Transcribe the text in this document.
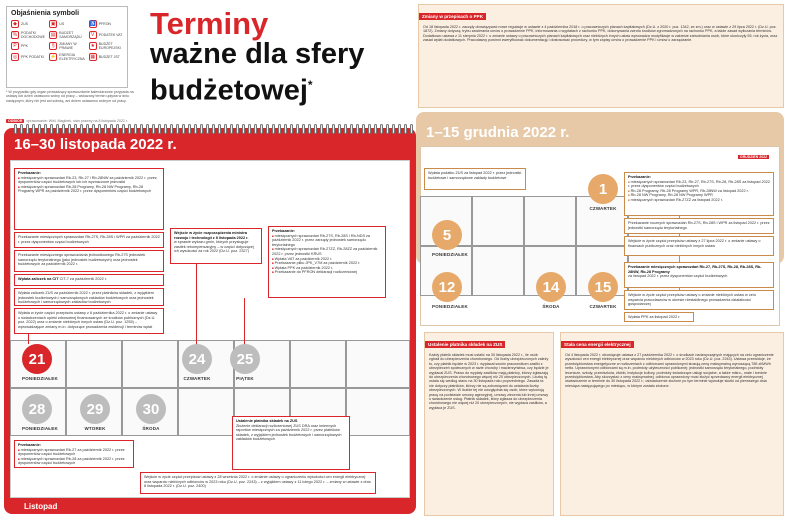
Objaśnienia symboli
◆	ZUS	▣	US	♿ PFRON
%	PODATKI DOCHODOWE	▤	BUDŻET SAMORZĄDU	V	PODATEK VAT
P	PPK	§	ZMIANY W PRAWIE	★	BUDŻET EUROPEJSKI
◎	PPK PODATKI ⚡ ENERGIA ELEKTRYCZNA	▦	BUDŻET JST
* W przypadku gdy organ prowadzący sprawozdanie kalendarzowe przypada na ustawę lub dzień ustawowo wolny od pracy – wskazany termin upływa w dniu następnym, który nie jest ani sobotą, ani dniem ustawowo wolnym od pracy.
ODBIÓR opracowanie: Wiśl. Magibek, stan prawny na 8 listopada 2022 r.
Terminy
ważne dla sfery
budżetowej*
16–30 listopada 2022 r.
21
PONIEDZIAŁEK
24
CZWARTEK
25
PIĄTEK
28
PONIEDZIAŁEK
29
WTOREK
30
ŚRODA
Przekazanie:
■ miesięcznych sprawozdań Rb-23, Rb-27 i Rb-28NW za październik 2022 r. przez dysponentów części budżetowych lub ich wyznaczone jednostki
■ miesięcznych sprawozdań Rb-28 Programy, Rb-28 NW Programy, Rb-28 Programy WPR za październik 2022 r. przez dysponentów części budżetowych
Przekazanie miesięcznych sprawozdań Rb-27S, Rb-28S i WPR za październik 2022 r. przez dysponentów części budżetowych
Przekazanie miesięcznego sprawozdania jednostkowego Rb-27S jednostek samorządu terytorialnego (jako jednostek budżetowych) oraz jednostek budżetowych za październik 2022 r.
Wpłata zaliczek na CIT CIT-7 za październik 2022 r.
Wpłata zaliczek ZUS za październik 2022 r. przez płatników składek, z wyjątkiem jednostek budżetowych i samorządowych zakładów budżetowych oraz jednostek budżetowych i samorządowych zakładów budżetowych
Wpłata w życie części przepisów ustawy z 6 października 2022 r. o zmianie ustawy o świadczeniach opieki zdrowotnej finansowanych ze środków publicznych (Dz.U. poz. 2022) oraz o zmianie niektórych innych ustaw (Dz.U. poz. 1255) – wprowadzające zmiany m.in. dotyczące prowadzenia ewidencji i terminów wpłat
Wejście w życie rozporządzenia ministra rozwoju i technologii z 8 listopada 2022 r.
w sprawie wykazu gmin, których przysługuje zasiłek rekompensacyjny – w części dotyczącej ich wysokości za rok 2022 (Dz.U. poz. 2327)
Przekazanie:
■ miesięcznych sprawozdań Rb-27S, Rb-28S i Rb-NDS za październik 2022 r. przez zarządy jednostek samorządu terytorialnego
■ miesięcznych sprawozdań Rb-27ZZ, Rb-28ZZ za październik 2022 r. przez jednostki KRUS
■ Wpłata VAT za październik 2022 r.
■ Przekazanie pliku JPK_V7M za październik 2022 r.
■ Wpłata PPK za październik 2022 r.
■ Przekazanie do PFRON deklaracji rozliczeniowej
Ustalenie płatnika składek na ZUS
Złożenie deklaracji rozliczeniowej ZUS DRA oraz imiennych raportów miesięcznych za październik 2022 r. przez płatników składek, z wyjątkiem jednostek budżetowych i samorządowych zakładów budżetowych
Przekazanie:
■ miesięcznych sprawozdań Rb-27 za październik 2022 r. przez dysponentów części budżetowych
■ miesięcznych sprawozdań Rb-28 za październik 2022 r. przez dysponentów części budżetowych
Wejście w życie części przepisów ustawy z 28 września 2022 r. o zmianie ustawy o ograniczeniu wysokości cen energii elektrycznej oraz wsparciu niektórych odbiorców w 2023 roku (Dz.U. poz. 2243) – z wyjątkiem ustawy z 11 lutego 2022 r. – zmiany w ustawie z dnia 8 listopada 2022 r. (Dz.U. poz. 2400)
Listopad
1–15 grudnia 2022 r.
GRUDZIEŃ 2022
1
CZWARTEK
5
PONIEDZIAŁEK
12
PONIEDZIAŁEK
14
ŚRODA
15
CZWARTEK
Wpłata podatku ZUS za listopad 2022 r. przez jednostki budżetowe i samorządowe zakłady budżetowe	Przekazanie:
■ miesięcznych sprawozdań Rb-23, Rb-27, Rb-27S, Rb-28, Rb-28S za listopad 2022 r. przez dysponentów części budżetowych
■ Rb-28 Programy, Rb-28 Programy WPR, Rb-28NW za listopad 2022 r.
■ Rb-28 NW Programy, Rb-28 NW Programy WPR
■ miesięcznych sprawozdań Rb-27ZZ za listopad 2022 r.
Przekazanie rocznych sprawozdań Rb-27S, Rb-28S i WPR za listopad 2022 r. przez jednostki samorządu terytorialnego
Wejście w życie części przepisów ustawy z 27 lipca 2022 r. o zmianie ustawy o finansach publicznych oraz niektórych innych ustaw
Przekazanie miesięcznych sprawozdań Rb-27, Rb-27S, Rb-28, Rb-28S, Rb-28NW, Rb-28 Programy
za listopad 2022 r. przez dysponentów części budżetowych
Wejście w życie części przepisów ustawy o zmianie niektórych ustaw w celu wsparcia pracodawców w okresie niestabilnego prowadzenia działalności gospodarczej
Wpłata PPK za listopad 2022 r.
Zmiany w przepisach o PPK
Od 18 listopada 2022 r. zaczęły obowiązywać nowe regulacje w ustawie z 4 października 2018 r. o pracowniczych planach kapitałowych (Dz.U. z 2020 r. poz. 1342, ze zm.) oraz w ustawie z 29 lipca 2022 r. (Dz.U. poz. 1872). Zmiany dotyczą: trybu zawierania umów o prowadzenie PPK, informowania o wypłatach z rachunku PPK, dokonywania zwrotu środków zgromadzonych na rachunku PPK, a także zasad wyliczania terminów. Dodatkowo ustawa z 11 sierpnia 2022 r. o zmianie ustawy o pracowniczych planach kapitałowych oraz niektórych innych ustaw wprowadza modyfikacje w zakresie zatrudniania osób, które ukończyły 55. rok życia, oraz zasad wpłat dodatkowych. Pracodawcy powinni zweryfikować dokumentację i dostosować procedury, w tym zapisy umów o prowadzenie PPK i umów o zarządzanie.
Ustalenie płatnika składek na ZUS
Każdy płatnik składek musi ustalić na 30 listopada 2022 r., ile osób zgłosił do ubezpieczenia chorobowego. Od liczby ubezpieczonych zależy to, czy płatnik będzie w 2023 r. wypłacał swoim pracownikom zasiłki z ubezpieczeń społecznych w razie choroby i macierzyństwa, czy będzie je wypłacał ZUS. Prawo do wypłaty zasiłków mają płatnicy, którzy zgłaszają do ubezpieczenia chorobowego więcej niż 20 ubezpieczonych. Liczbę tę ustala się według stanu na 30 listopada roku poprzedniego. Zasada ta nie dotyczy płatników, którzy nie są zobowiązani do ustalania liczby ubezpieczonych. W liczbie tej nie uwzględnia się osób, które wykonują pracę na podstawie umowy agencyjnej, umowy zlecenia lub innej umowy o świadczenie usług. Płatnik składek, który zgłasza do ubezpieczenia chorobowego nie więcej niż 20 ubezpieczonych, nie wypłaca zasiłków, a wypłaca je ZUS.
Stała cena energii elektrycznej
Od 4 listopada 2022 r. obowiązuje ustawa z 27 października 2022 r. o środkach nadzwyczajnych mających na celu ograniczenie wysokości cen energii elektrycznej oraz wsparciu niektórych odbiorców w 2023 roku (Dz.U. poz. 2243). Ustawa przewiduje, że przedsiębiorstwa energetyczne w rozliczeniach z odbiorcami uprawnionymi stosują cenę maksymalną wynoszącą 785 zł/MWh netto. Uprawnionymi odbiorcami są m.in. podmioty użyteczności publicznej: jednostki samorządu terytorialnego, podmioty lecznicze, szkoły, przedszkola, żłobki, instytucje kultury, podmioty świadczące usługi socjalne, a także mikro-, małe i średnie przedsiębiorstwa. Aby skorzystać z ceny maksymalnej, odbiorca uprawniony musi złożyć sprzedawcy energii elektrycznej oświadczenie w terminie do 30 listopada 2022 r.; oświadczenie złożone po tym terminie wywołuje skutki od pierwszego dnia miesiąca następującego po miesiącu, w którym zostało złożone.
